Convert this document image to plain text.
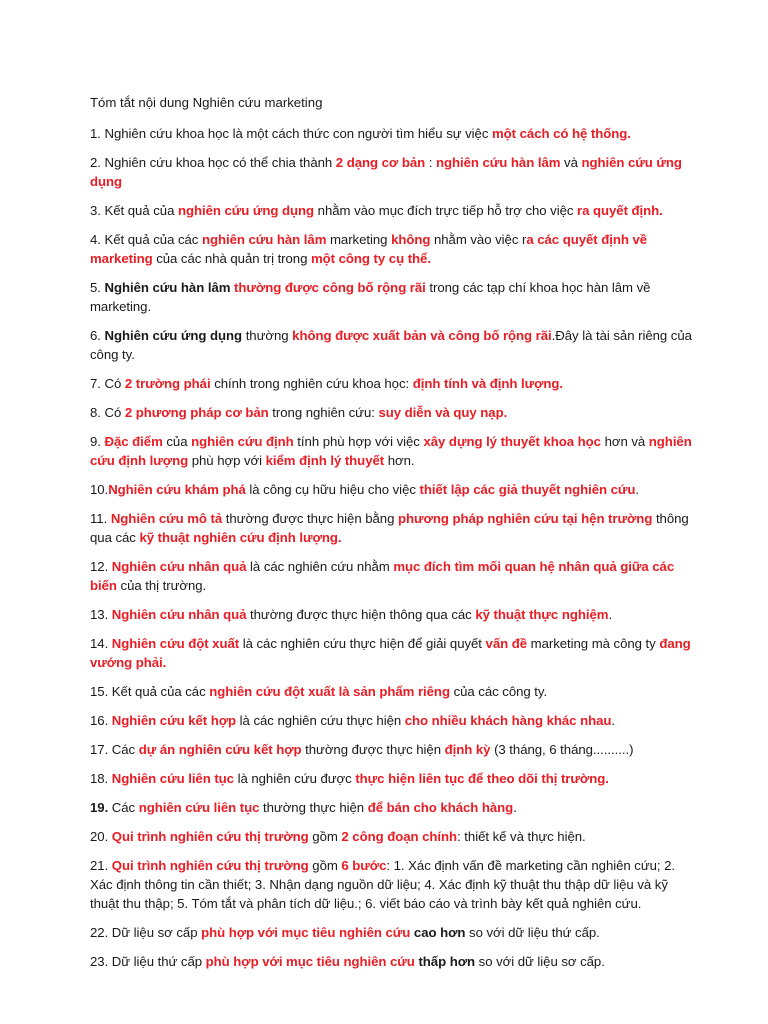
Tóm tắt nội dung Nghiên cứu marketing
1. Nghiên cứu khoa học là một cách thức con người tìm hiểu sự việc một cách có hệ thống.
2. Nghiên cứu khoa học có thể chia thành 2 dạng cơ bản : nghiên cứu hàn lâm và nghiên cứu ứng dụng
3. Kết quả của nghiên cứu ứng dụng nhằm vào mục đích trực tiếp hỗ trợ cho việc ra quyết định.
4. Kết quả của các nghiên cứu hàn lâm marketing không nhằm vào việc ra các quyết định về marketing của các nhà quản trị trong một công ty cụ thể.
5. Nghiên cứu hàn lâm thường được công bố rộng rãi trong các tạp chí khoa học hàn lâm về marketing.
6. Nghiên cứu ứng dụng thường không được xuất bản và công bố rộng rãi.Đây là tài sản riêng của công ty.
7. Có 2 trường phái chính trong nghiên cứu khoa học: định tính và định lượng.
8. Có 2 phương pháp cơ bản trong nghiên cứu: suy diễn và quy nạp.
9. Đặc điểm của nghiên cứu định tính phù hợp với việc xây dựng lý thuyết khoa học hơn và nghiên cứu định lượng phù hợp với kiểm định lý thuyết hơn.
10.Nghiên cứu khám phá là công cụ hữu hiệu cho việc thiết lập các giả thuyết nghiên cứu.
11. Nghiên cứu mô tả thường được thực hiện bằng phương pháp nghiên cứu tại hện trường thông qua các kỹ thuật nghiên cứu định lượng.
12. Nghiên cứu nhân quả là các nghiên cứu nhằm mục đích tìm mối quan hệ nhân quả giữa các biến của thị trường.
13. Nghiên cứu nhân quả thường được thực hiện thông qua các kỹ thuật thực nghiệm.
14. Nghiên cứu đột xuất là các nghiên cứu thực hiện để giải quyết vấn đề marketing mà công ty đang vướng phải.
15. Kết quả của các nghiên cứu đột xuất là sản phẩm riêng của các công ty.
16. Nghiên cứu kết hợp là các nghiên cứu thực hiện cho nhiều khách hàng khác nhau.
17. Các dự án nghiên cứu kết hợp thường được thực hiện định kỳ (3 tháng, 6 tháng..........)
18. Nghiên cứu liên tục là nghiên cứu được thực hiện liên tục để theo dõi thị trường.
19. Các nghiên cứu liên tục thường thực hiện để bán cho khách hàng.
20. Qui trình nghiên cứu thị trường gồm 2 công đoạn chính: thiết kế và thực hiện.
21. Qui trình nghiên cứu thị trường gồm 6 bước: 1. Xác định vấn đề marketing cần nghiên cứu; 2. Xác định thông tin cần thiết; 3. Nhận dạng nguồn dữ liệu; 4. Xác định kỹ thuật thu thập dữ liệu và kỹ thuật thu thập; 5. Tóm tắt và phân tích dữ liệu.; 6. viết báo cáo và trình bày kết quả nghiên cứu.
22. Dữ liệu sơ cấp phù hợp với mục tiêu nghiên cứu cao hơn so với dữ liệu thứ cấp.
23. Dữ liệu thứ cấp phù hợp với mục tiêu nghiên cứu thấp hơn so với dữ liệu sơ cấp.
